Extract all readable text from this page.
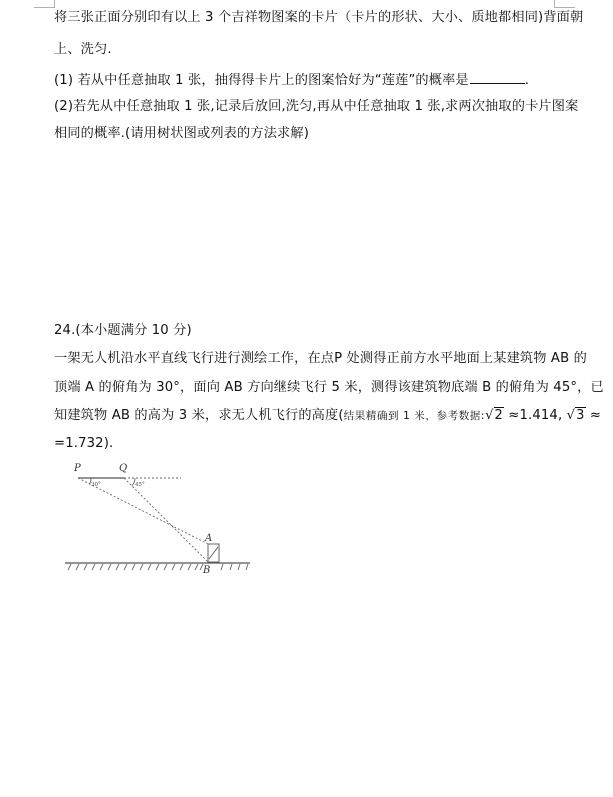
将三张正面分别印有以上 3 个吉祥物图案的卡片（卡片的形状、大小、质地都相同)背面朝
上、洗匀.
(1) 若从中任意抽取 1 张，抽得得卡片上的图案恰好为“莲莲”的概率是	.
(2)若先从中任意抽取 1 张,记录后放回,洗匀,再从中任意抽取 1 张,求两次抽取的卡片图案
相同的概率.(请用树状图或列表的方法求解)
24.(本小题满分 10 分)
一架无人机沿水平直线飞行进行测绘工作，在点P 处测得正前方水平地面上某建筑物 AB 的
顶端 A 的俯角为 30°，面向 AB 方向继续飞行 5 米，测得该建筑物底端 B 的俯角为 45°，已
知建筑物 AB 的高为 3 米，求无人机飞行的高度(结果精确到 1 米，参考数据:√2 ≈1.414, √3 ≈
=1.732).
P	Q
A
B
30°	45°
